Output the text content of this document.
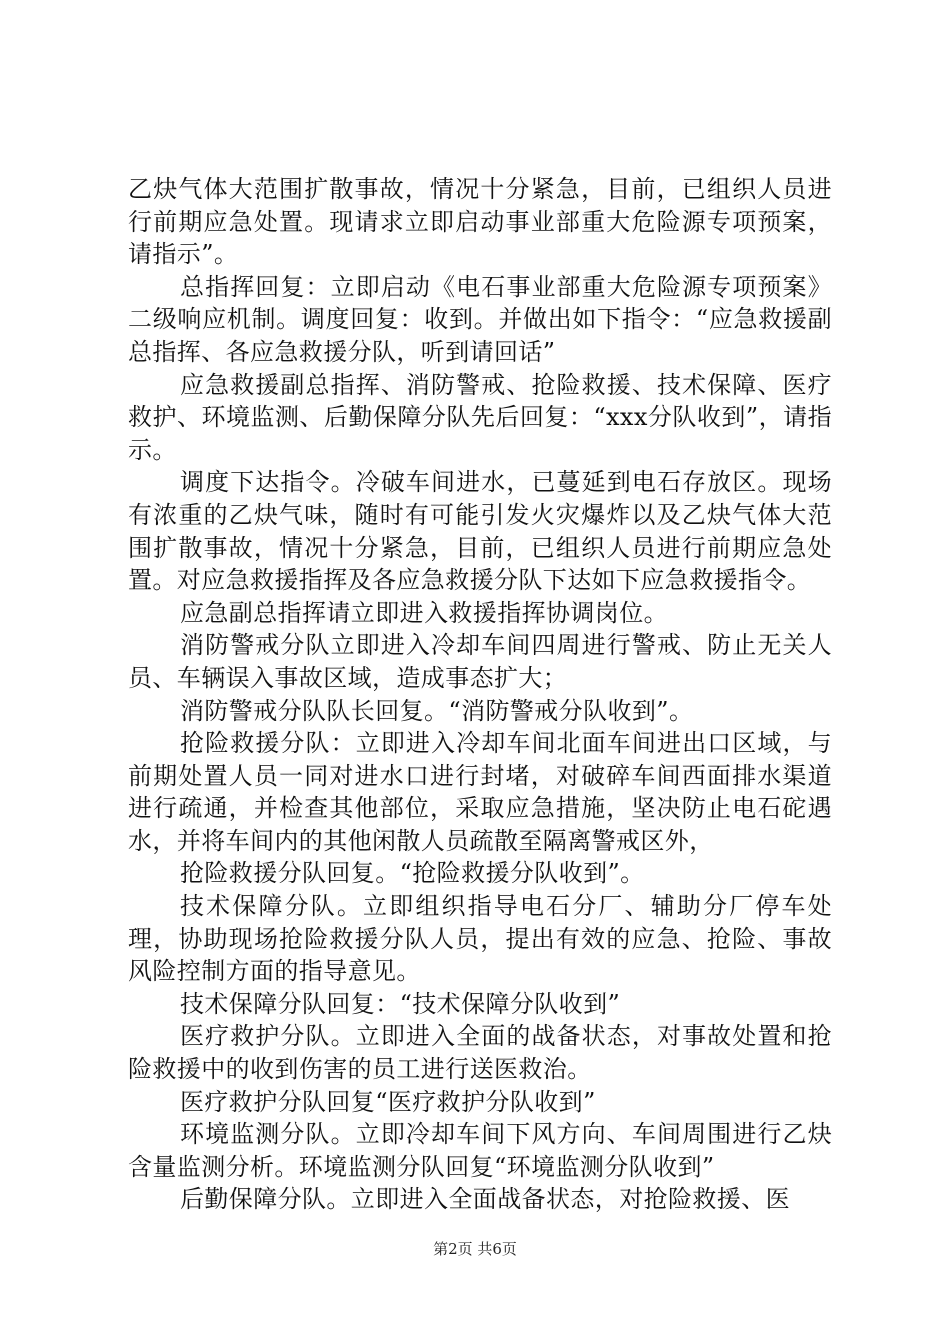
乙炔气体大范围扩散事故，情况十分紧急，目前，已组织人员进行前期应急处置。现请求立即启动事业部重大危险源专项预案，请指示”。

总指挥回复：立即启动《电石事业部重大危险源专项预案》二级响应机制。调度回复：收到。并做出如下指令：“应急救援副总指挥、各应急救援分队，听到请回话”

应急救援副总指挥、消防警戒、抢险救援、技术保障、医疗救护、环境监测、后勤保障分队先后回复：“xxx分队收到”，请指示。

调度下达指令。冷破车间进水，已蔓延到电石存放区。现场有浓重的乙炔气味，随时有可能引发火灾爆炸以及乙炔气体大范围扩散事故，情况十分紧急，目前，已组织人员进行前期应急处置。对应急救援指挥及各应急救援分队下达如下应急救援指令。

应急副总指挥请立即进入救援指挥协调岗位。

消防警戒分队立即进入冷却车间四周进行警戒、防止无关人员、车辆误入事故区域，造成事态扩大；

消防警戒分队队长回复。“消防警戒分队收到”。

抢险救援分队：立即进入冷却车间北面车间进出口区域，与前期处置人员一同对进水口进行封堵，对破碎车间西面排水渠道进行疏通，并检查其他部位，采取应急措施，坚决防止电石砣遇水，并将车间内的其他闲散人员疏散至隔离警戒区外，

抢险救援分队回复。“抢险救援分队收到”。

技术保障分队。立即组织指导电石分厂、辅助分厂停车处理，协助现场抢险救援分队人员，提出有效的应急、抢险、事故风险控制方面的指导意见。

技术保障分队回复：“技术保障分队收到”

医疗救护分队。立即进入全面的战备状态，对事故处置和抢险救援中的收到伤害的员工进行送医救治。

医疗救护分队回复“医疗救护分队收到”

环境监测分队。立即冷却车间下风方向、车间周围进行乙炔含量监测分析。环境监测分队回复“环境监测分队收到”

后勤保障分队。立即进入全面战备状态，对抢险救援、医

第2页 共6页
